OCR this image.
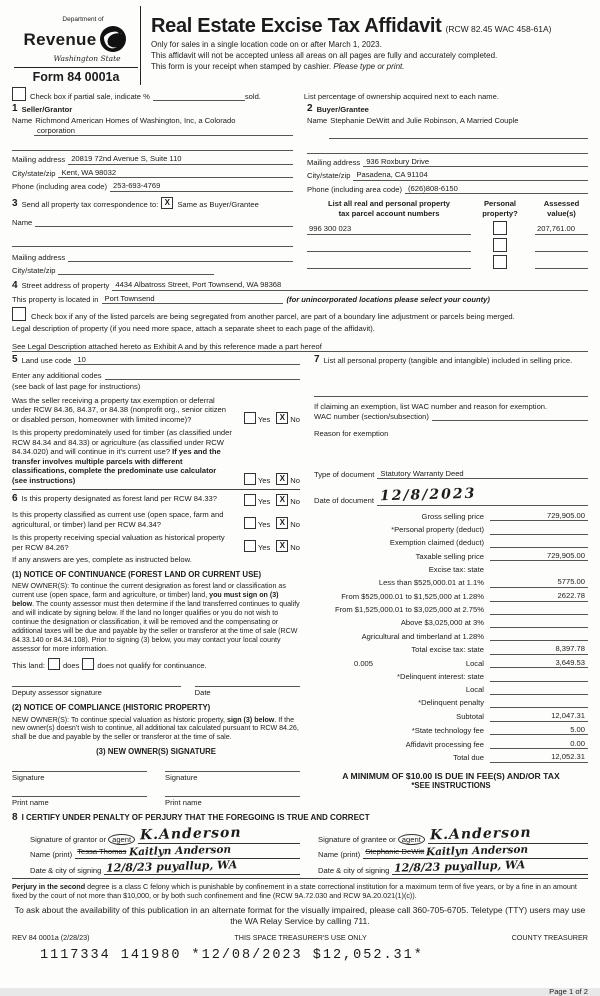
Department of
Revenue
Washington State
Form 84 0001a
Real Estate Excise Tax Affidavit (RCW 82.45 WAC 458-61A)
Only for sales in a single location code on or after March 1, 2023.
This affidavit will not be accepted unless all areas on all pages are fully and accurately completed.
This form is your receipt when stamped by cashier. Please type or print.
Check box if partial sale, indicate %	sold.	List percentage of ownership acquired next to each name.
1 Seller/Grantor
Name Richmond American Homes of Washington, Inc, a Colorado
corporation
Mailing address 20819 72nd Avenue S, Suite 110
City/state/zip Kent, WA 98032
Phone (including area code) 253-693-4769
2 Buyer/Grantee
Name Stephanie DeWitt and Julie Robinson, A Married Couple
Mailing address 936 Roxbury Drive
City/state/zip Pasadena, CA 91104
Phone (including area code) (626)808-6150
3 Send all property tax correspondence to: X Same as Buyer/Grantee
Name
Mailing address
City/state/zip
List all real and personal property
tax parcel account numbers
Personal
property?
Assessed
value(s)
996 300 023	207,761.00
4 Street address of property 4434 Albatross Street, Port Townsend, WA 98368
This property is located in Port Townsend	(for unincorporated locations please select your county)
Check box if any of the listed parcels are being segregated from another parcel, are part of a boundary line adjustment or parcels being merged.
Legal description of property (if you need more space, attach a separate sheet to each page of the affidavit).
See Legal Description attached hereto as Exhibit A and by this reference made a part hereof
5 Land use code 10
Enter any additional codes
(see back of last page for instructions)
Was the seller receiving a property tax exemption or deferral under RCW 84.36, 84.37, or 84.38 (nonprofit org., senior citizen or disabled person, homeowner with limited income)?	Yes	X No
Is this property predominately used for timber (as classified under RCW 84.34 and 84.33) or agriculture (as classified under RCW 84.34.020) and will continue in it's current use? If yes and the transfer involves multiple parcels with different classifications, complete the predominate use calculator (see instructions)	Yes	X No
6 Is this property designated as forest land per RCW 84.33?	Yes	X No
Is this property classified as current use (open space, farm and agricultural, or timber) land per RCW 84.34?	Yes	X No
Is this property receiving special valuation as historical property per RCW 84.26?	Yes	X No
If any answers are yes, complete as instructed below.
(1) NOTICE OF CONTINUANCE (FOREST LAND OR CURRENT USE)
NEW OWNER(S): To continue the current designation as forest land or classification as current use (open space, farm and agriculture, or timber) land, you must sign on (3) below. The county assessor must then determine if the land transferred continues to qualify and will indicate by signing below. If the land no longer qualifies or you do not wish to continue the designation or classification, it will be removed and the compensating or additional taxes will be due and payable by the seller or transferor at the time of sale (RCW 84.33.140 or 84.34.108). Prior to signing (3) below, you may contact your local county assessor for more information.
This land:	does	does not qualify for continuance.
Deputy assessor signature	Date
(2) NOTICE OF COMPLIANCE (HISTORIC PROPERTY)
NEW OWNER(S): To continue special valuation as historic property, sign (3) below. If the new owner(s) doesn't wish to continue, all additional tax calculated pursuant to RCW 84.26, shall be due and payable by the seller or transferor at the time of sale.
(3) NEW OWNER(S) SIGNATURE
Signature	Signature
Print name	Print name
7 List all personal property (tangible and intangible) included in selling price.
If claiming an exemption, list WAC number and reason for exemption.
WAC number (section/subsection)
Reason for exemption
Type of document Statutory Warranty Deed
Date of document 12/8/2023
Gross selling price	729,905.00
*Personal property (deduct)
Exemption claimed (deduct)
Taxable selling price	729,905.00
Excise tax: state
Less than $525,000.01 at 1.1%	5775.00
From $525,000.01 to $1,525,000 at 1.28%	2622.78
From $1,525,000.01 to $3,025,000 at 2.75%
Above $3,025,000 at 3%
Agricultural and timberland at 1.28%
Total excise tax: state	8,397.78
0.005	Local	3,649.53
*Delinquent interest: state
Local
*Delinquent penalty
Subtotal	12,047.31
*State technology fee	5.00
Affidavit processing fee	0.00
Total due	12,052.31
A MINIMUM OF $10.00 IS DUE IN FEE(S) AND/OR TAX
*SEE INSTRUCTIONS
8 I CERTIFY UNDER PENALTY OF PERJURY THAT THE FOREGOING IS TRUE AND CORRECT
Signature of grantor or agent K.Anderson
Name (print) Tessa Thomas Kaitlyn Anderson
Date & city of signing 12/8/23 puyallup, WA
Signature of grantee or agent K.Anderson
Name (print) Stephanie DeWitt Kaitlyn Anderson
Date & city of signing 12/8/23 puyallup, WA
Perjury in the second degree is a class C felony which is punishable by confinement in a state correctional institution for a maximum term of five years, or by a fine in an amount fixed by the court of not more than $10,000, or by both such confinement and fine (RCW 9A.72.030 and RCW 9A.20.021(1)(c)).
To ask about the availability of this publication in an alternate format for the visually impaired, please call 360-705-6705. Teletype (TTY) users may use the WA Relay Service by calling 711.
REV 84 0001a (2/28/23)	THIS SPACE TREASURER'S USE ONLY	COUNTY TREASURER
1117334 141980 *12/08/2023 $12,052.31*
Page 1 of 2
